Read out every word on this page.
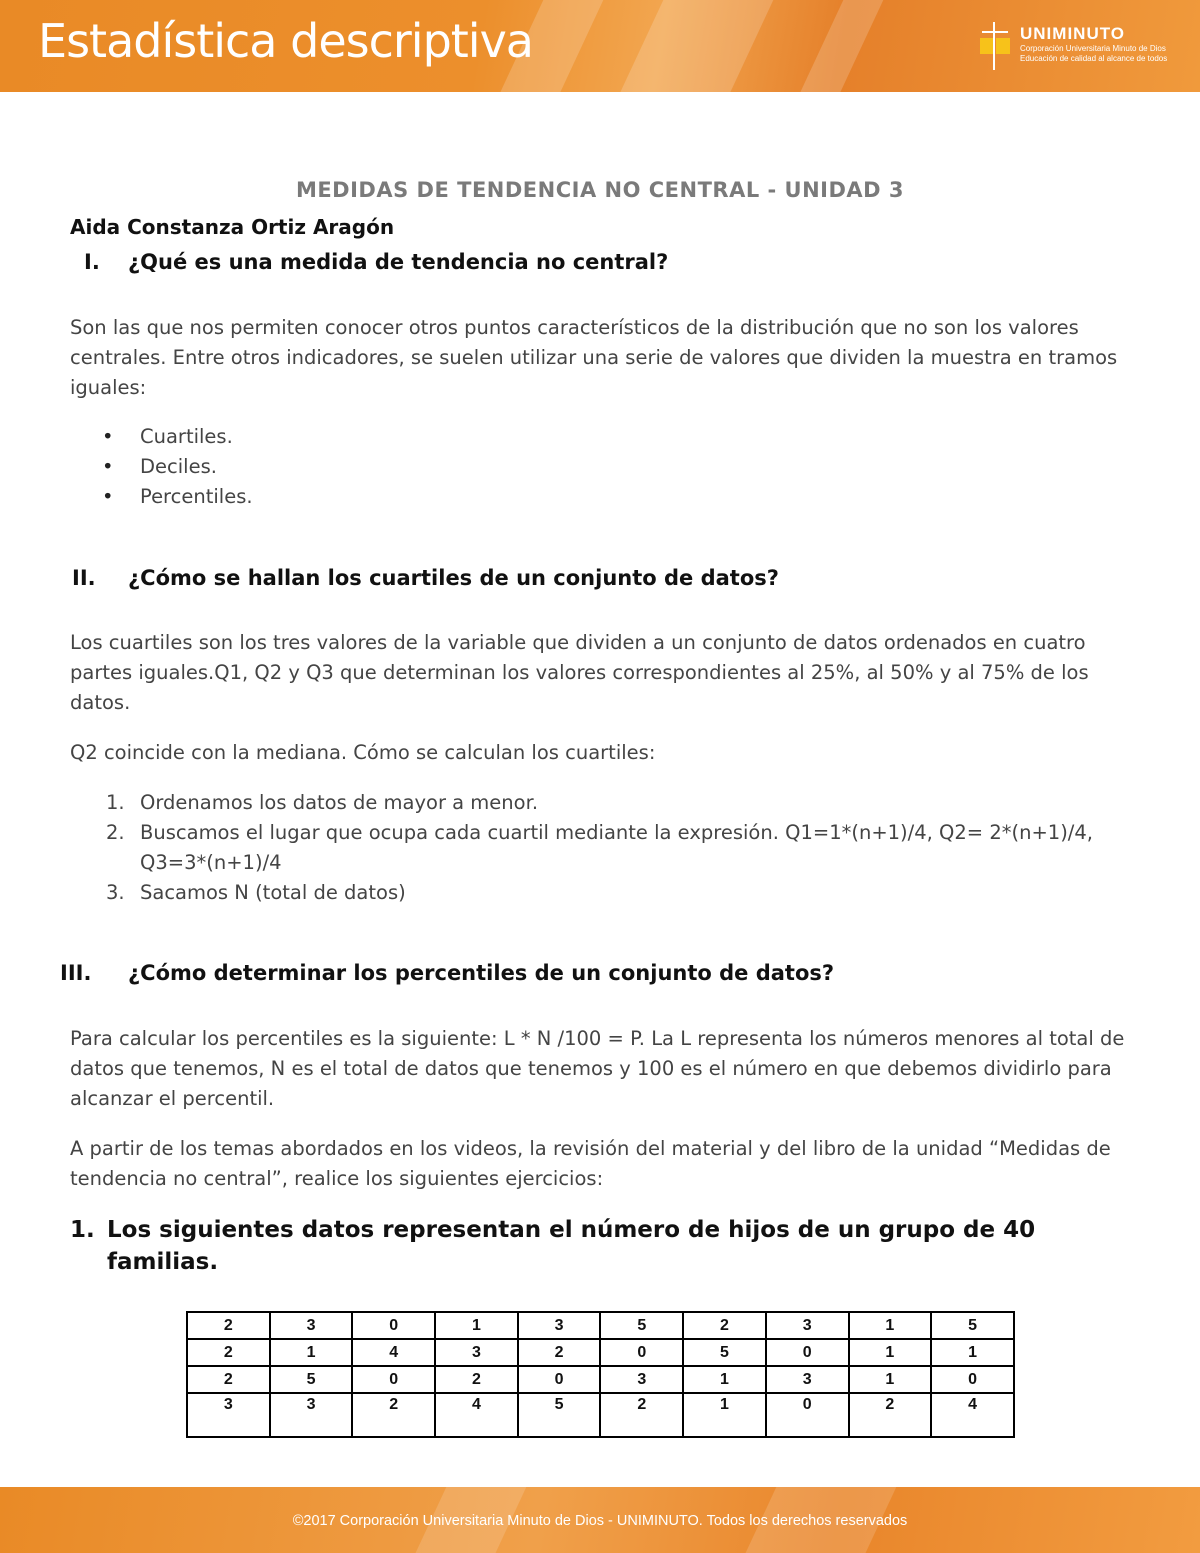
Estadística descriptiva	UNIMINUTO
Corporación Universitaria Minuto de Dios
Educación de calidad al alcance de todos
MEDIDAS DE TENDENCIA NO CENTRAL - UNIDAD 3
Aida Constanza Ortiz Aragón
I. ¿Qué es una medida de tendencia no central?
Son las que nos permiten conocer otros puntos característicos de la distribución que no son los valores centrales. Entre otros indicadores, se suelen utilizar una serie de valores que dividen la muestra en tramos iguales:
• Cuartiles.
• Deciles.
• Percentiles.
II. ¿Cómo se hallan los cuartiles de un conjunto de datos?
Los cuartiles son los tres valores de la variable que dividen a un conjunto de datos ordenados en cuatro partes iguales.Q1, Q2 y Q3 que determinan los valores correspondientes al 25%, al 50% y al 75% de los datos.
Q2 coincide con la mediana. Cómo se calculan los cuartiles:
1. Ordenamos los datos de mayor a menor.
2. Buscamos el lugar que ocupa cada cuartil mediante la expresión. Q1=1*(n+1)/4, Q2= 2*(n+1)/4, Q3=3*(n+1)/4
3. Sacamos N (total de datos)
III. ¿Cómo determinar los percentiles de un conjunto de datos?
Para calcular los percentiles es la siguiente: L * N /100 = P. La L representa los números menores al total de datos que tenemos, N es el total de datos que tenemos y 100 es el número en que debemos dividirlo para alcanzar el percentil.
A partir de los temas abordados en los videos, la revisión del material y del libro de la unidad “Medidas de tendencia no central”, realice los siguientes ejercicios:
1. Los siguientes datos representan el número de hijos de un grupo de 40 familias.
2	3	0	1	3	5	2	3	1	5
2	1	4	3	2	0	5	0	1	1
2	5	0	2	0	3	1	3	1	0
3	3	2	4	5	2	1	0	2	4
©2017 Corporación Universitaria Minuto de Dios - UNIMINUTO. Todos los derechos reservados
